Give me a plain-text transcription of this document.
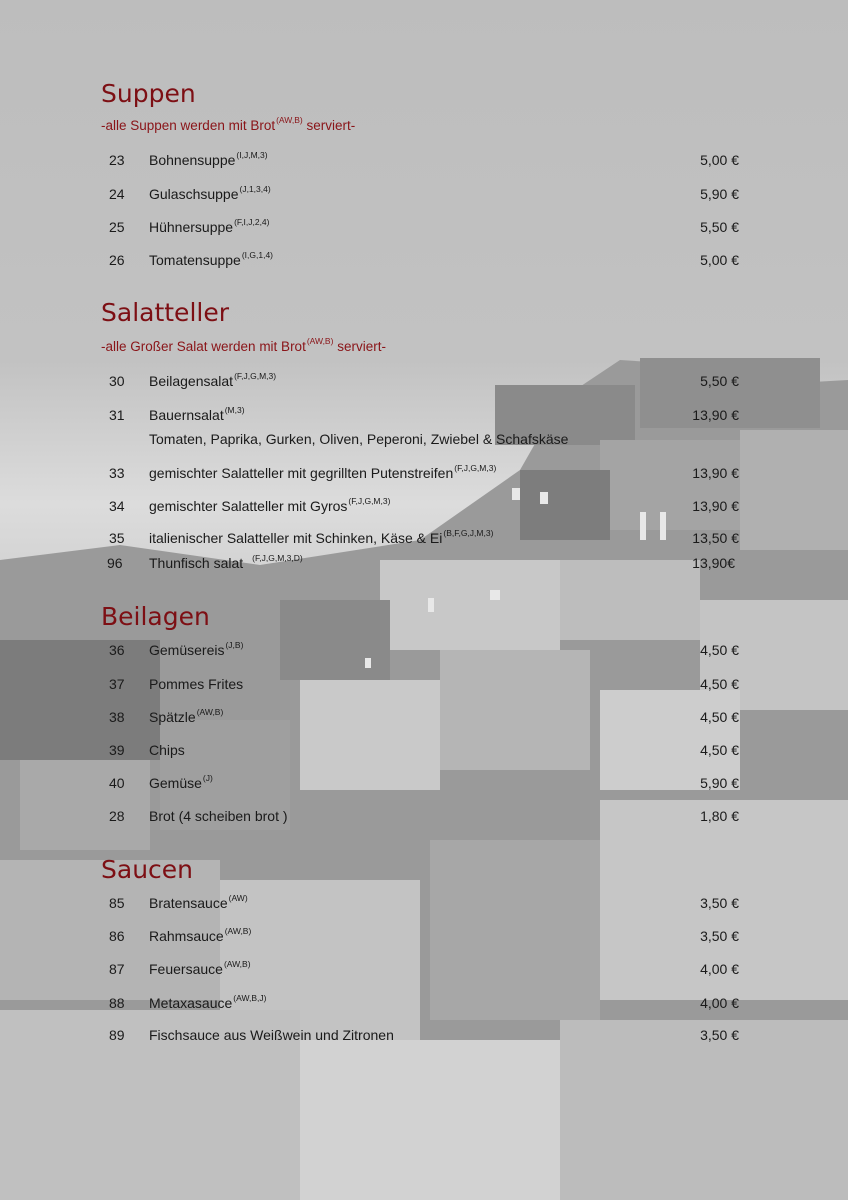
Suppen

-alle Suppen werden mit Brot$^{(AW,B)}$ serviert-

23	Bohnensuppe$^{(I,J,M,3)}$	5,00 €
24	Gulaschsuppe$^{(J,1,3,4)}$	5,90 €
25	Hühnersuppe$^{(F,I,J,2,4)}$	5,50 €
26	Tomatensuppe$^{(I,G,1,4)}$	5,00 €
Salatteller

-alle Großer Salat werden mit Brot$^{(AW,B)}$ serviert-

30	Beilagensalat$^{(F,J,G,M,3)}$	5,50 €
31	Bauernsalat$^{(M,3)}$	13,90 €
Tomaten, Paprika, Gurken, Oliven, Peperoni, Zwiebel & Schafskäse
33	gemischter Salatteller mit gegrillten Putenstreifen$^{(F,J,G,M,3)}$	13,90 €
34	gemischter Salatteller mit Gyros$^{(F,J,G,M,3)}$	13,90 €
35	italienischer Salatteller mit Schinken, Käse & $Ei^{(B,F,G,J,M,3)}$	13,50 €
96	Thunfisch salat $^{(F,J,G,M,3,D)}$	13,90€
Beilagen
36	Gemüsereis$^{(J,B)}$	4,50 €
37	Pommes Frites	4,50 €
38	Spätzle$^{(AW,B)}$	4,50 €
39	Chips	4,50 €
40	Gemüse$^{(J)}$	5,90 €
28	Brot (4 scheiben brot )	1,80 €
Saucen
85	Bratensauce$^{(AW)}$	3,50 €
86	Rahmsauce$^{(AW,B)}$	3,50 €
87	Feuersauce$^{(AW,B)}$	4,00 €
88	Metaxasauce$^{(AW,B,J)}$	4,00 €
89	Fischsauce aus Weißwein und Zitronen	3,50 €
